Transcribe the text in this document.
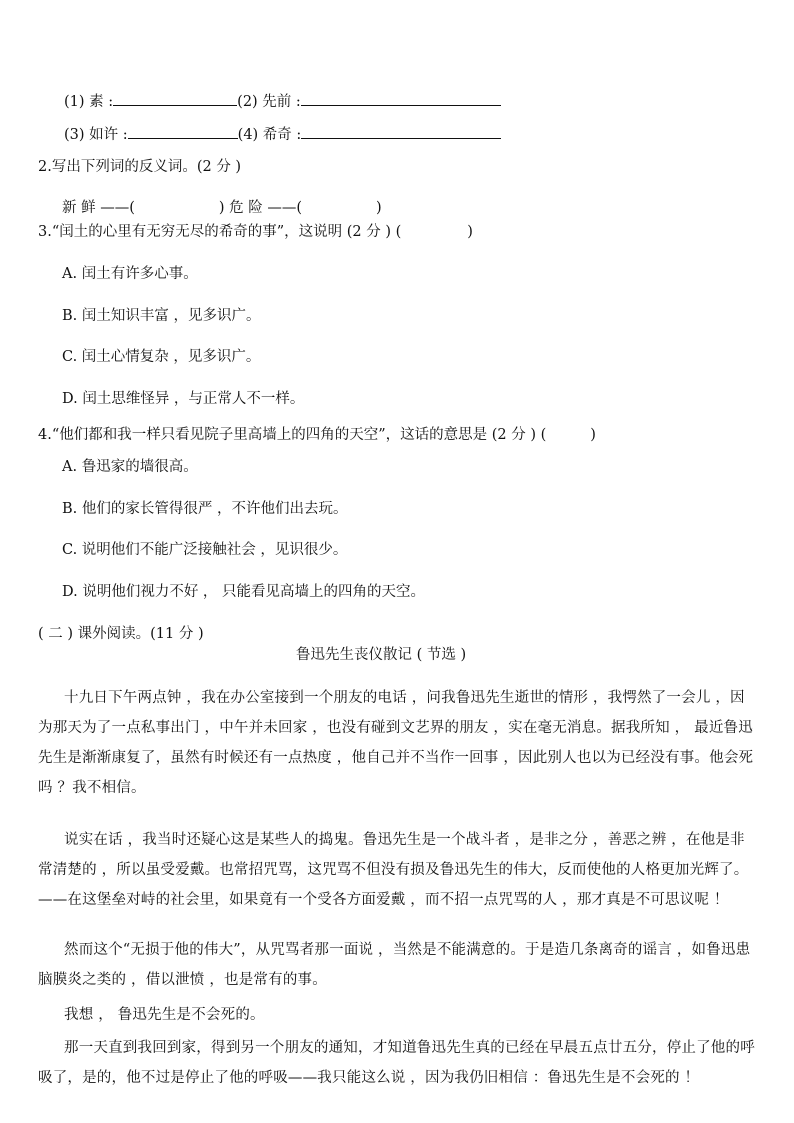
(1) 素 :	(2) 先前 :
(3) 如许 :	(4) 希奇 :
2.写出下列词的反义词。(2 分 )
新 鲜 ——(	) 危 险 ——(	)
3.“闰土的心里有无穷无尽的希奇的事”，这说明 (2 分 ) (	)
A. 闰土有许多心事。
B. 闰土知识丰富 ，见多识广。
C. 闰土心情复杂 ，见多识广。
D. 闰土思维怪异 ，与正常人不一样。
4.“他们都和我一样只看见院子里高墙上的四角的天空”，这话的意思是 (2 分 ) (	)
A. 鲁迅家的墙很高。
B. 他们的家长管得很严 ，不许他们出去玩。
C. 说明他们不能广泛接触社会 ，见识很少。
D. 说明他们视力不好 ， 只能看见高墙上的四角的天空。
( 二 ) 课外阅读。(11 分 )
鲁迅先生丧仪散记 ( 节选 )
十九日下午两点钟 ，我在办公室接到一个朋友的电话 ，问我鲁迅先生逝世的情形 ，我愕然了一会儿 ，因为那天为了一点私事出门 ，中午并未回家 ，也没有碰到文艺界的朋友 ，实在毫无消息。据我所知 ， 最近鲁迅先生是渐渐康复了，虽然有时候还有一点热度 ，他自己并不当作一回事 ，因此别人也以为已经没有事。他会死吗 ？我不相信。
说实在话 ，我当时还疑心这是某些人的捣鬼。鲁迅先生是一个战斗者 ，是非之分 ，善恶之辨 ，在他是非常清楚的 ，所以虽受爱戴。也常招咒骂，这咒骂不但没有损及鲁迅先生的伟大，反而使他的人格更加光辉了。——在这堡垒对峙的社会里，如果竟有一个受各方面爱戴 ，而不招一点咒骂的人 ，那才真是不可思议呢 ！
然而这个“无损于他的伟大”，从咒骂者那一面说 ，当然是不能满意的。于是造几条离奇的谣言 ，如鲁迅患脑膜炎之类的 ，借以泄愤 ，也是常有的事。
我想 ， 鲁迅先生是不会死的。
那一天直到我回到家，得到另一个朋友的通知，才知道鲁迅先生真的已经在早晨五点廿五分，停止了他的呼吸了，是的，他不过是停止了他的呼吸——我只能这么说 ，因为我仍旧相信 ：鲁迅先生是不会死的 ！
